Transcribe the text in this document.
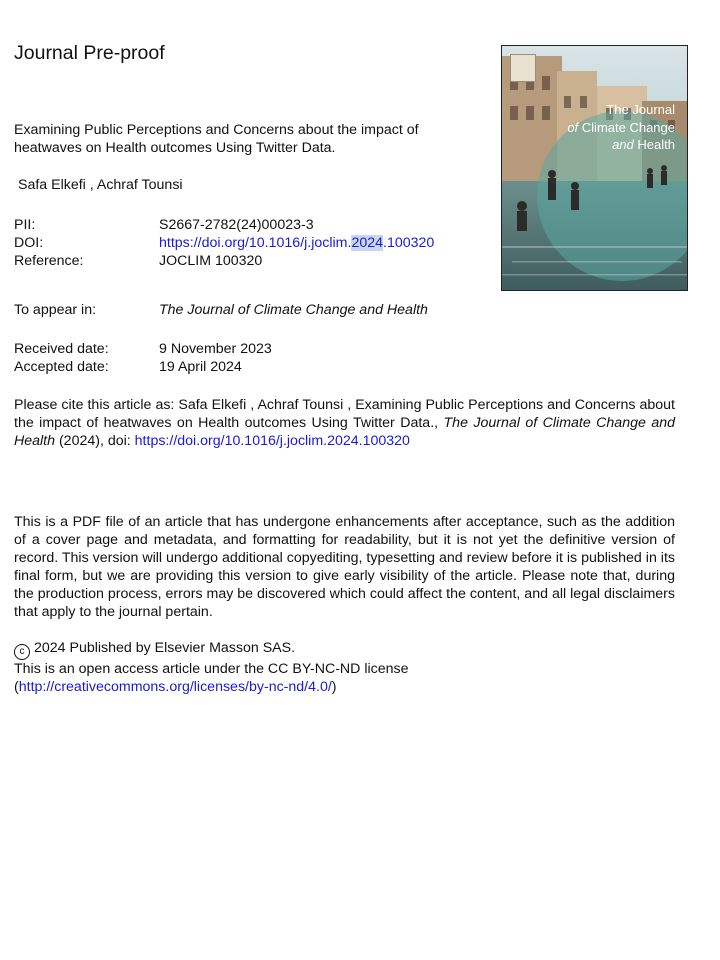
Journal Pre-proof
Examining Public Perceptions and Concerns about the impact of heatwaves on Health outcomes Using Twitter Data.
Safa Elkefi , Achraf Tounsi
PII:	S2667-2782(24)00023-3
DOI:	https://doi.org/10.1016/j.joclim.2024.100320
Reference:	JOCLIM 100320
To appear in:	The Journal of Climate Change and Health
Received date:	9 November 2023
Accepted date:	19 April 2024
Please cite this article as: Safa Elkefi , Achraf Tounsi , Examining Public Perceptions and Concerns about the impact of heatwaves on Health outcomes Using Twitter Data., The Journal of Climate Change and Health (2024), doi: https://doi.org/10.1016/j.joclim.2024.100320
This is a PDF file of an article that has undergone enhancements after acceptance, such as the addition of a cover page and metadata, and formatting for readability, but it is not yet the definitive version of record. This version will undergo additional copyediting, typesetting and review before it is published in its final form, but we are providing this version to give early visibility of the article. Please note that, during the production process, errors may be discovered which could affect the content, and all legal disclaimers that apply to the journal pertain.
c 2024 Published by Elsevier Masson SAS.
This is an open access article under the CC BY-NC-ND license
(http://creativecommons.org/licenses/by-nc-nd/4.0/)
The Journal
of Climate Change
and Health
